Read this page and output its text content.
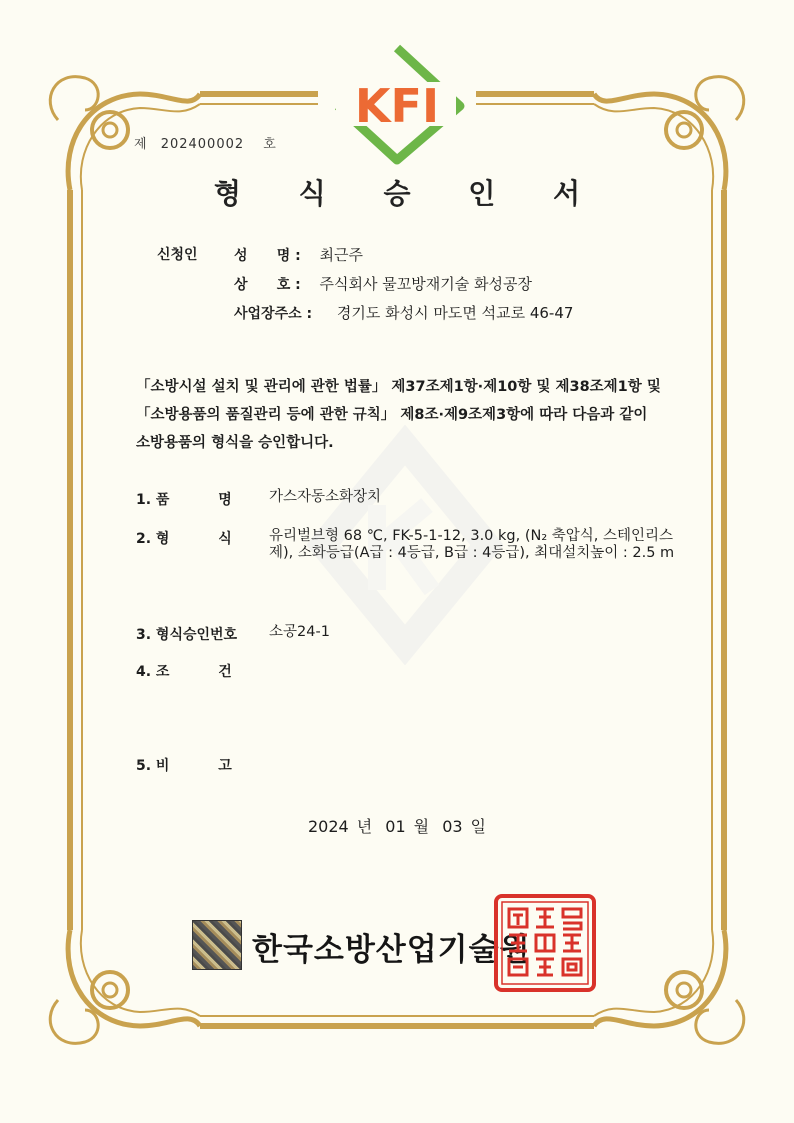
KFI
제 202400002 호
형 식 승 인 서
신청인	성      명 : 최근주
상      호 : 주식회사 물꼬방재기술 화성공장
사업장주소 : 경기도 화성시 마도면 석교로 46-47
「소방시설 설치 및 관리에 관한 법률」 제37조제1항·제10항 및 제38조제1항 및 「소방용품의 품질관리 등에 관한 규칙」 제8조·제9조제3항에 따라 다음과 같이 소방용품의 형식을 승인합니다.
1. 품          명	가스자동소화장치
2. 형          식	유리벌브형 68 ℃, FK-5-1-12, 3.0 kg, (N₂ 축압식, 스테인리스제), 소화등급(A급 : 4등급, B급 : 4등급), 최대설치높이 : 2.5 m
3. 형식승인번호 소공24-1
4. 조          건
5. 비          고
2024 년 01 월 03 일
한국소방산업기술원
